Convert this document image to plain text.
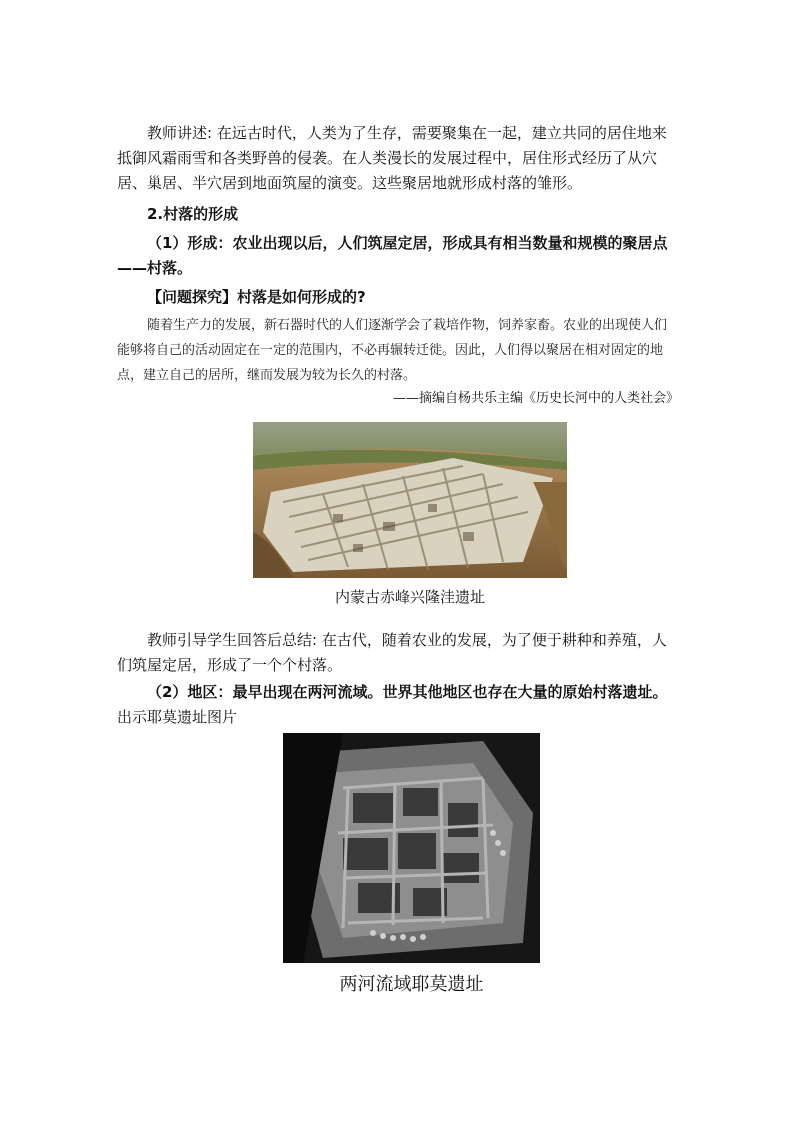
教师讲述: 在远古时代，人类为了生存，需要聚集在一起，建立共同的居住地来抵御风霜雨雪和各类野兽的侵袭。在人类漫长的发展过程中，居住形式经历了从穴居、巢居、半穴居到地面筑屋的演变。这些聚居地就形成村落的雏形。

2.村落的形成

（1）形成：农业出现以后，人们筑屋定居，形成具有相当数量和规模的聚居点——村落。

【问题探究】村落是如何形成的?

随着生产力的发展，新石器时代的人们逐渐学会了栽培作物，饲养家畜。农业的出现使人们能够将自己的活动固定在一定的范围内，不必再辗转迁徙。因此，人们得以聚居在相对固定的地点，建立自己的居所，继而发展为较为长久的村落。

——摘编自杨共乐主编《历史长河中的人类社会》

内蒙古赤峰兴隆洼遗址

教师引导学生回答后总结: 在古代，随着农业的发展，为了便于耕种和养殖，人们筑屋定居，形成了一个个村落。

（2）地区：最早出现在两河流域。世界其他地区也存在大量的原始村落遗址。

出示耶莫遗址图片

两河流域耶莫遗址
